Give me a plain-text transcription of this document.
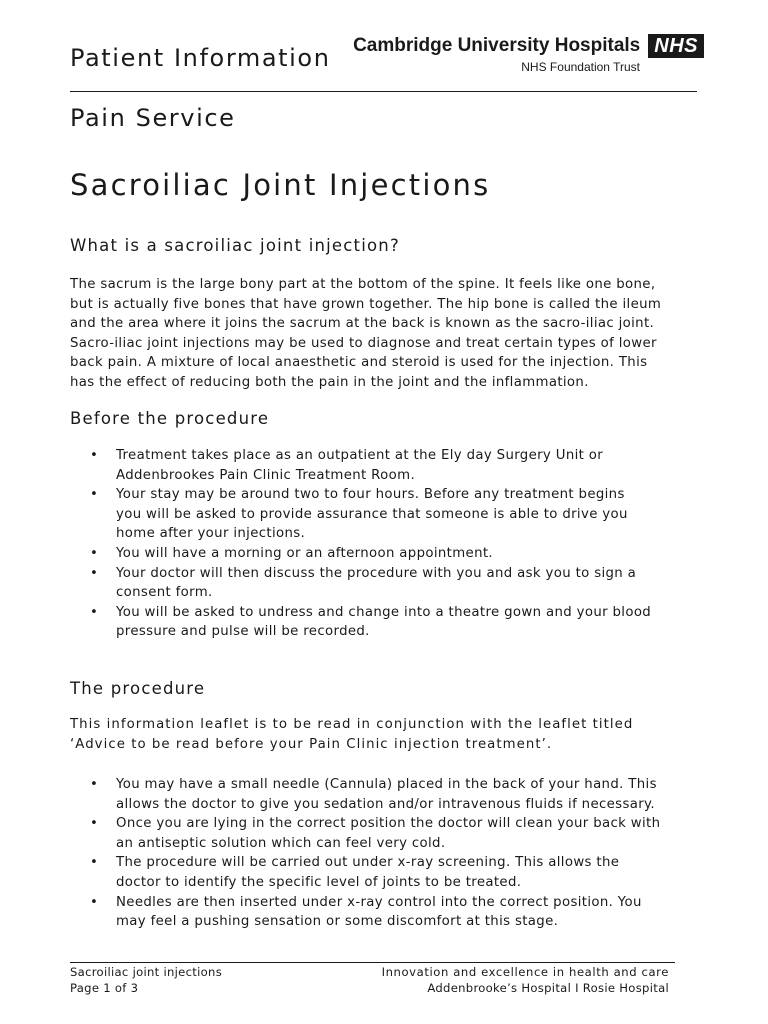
Patient Information Cambridge University Hospitals NHS
NHS Foundation Trust
Pain Service
Sacroiliac Joint Injections
What is a sacroiliac joint injection?

The sacrum is the large bony part at the bottom of the spine. It feels like one bone,
but is actually five bones that have grown together. The hip bone is called the ileum
and the area where it joins the sacrum at the back is known as the sacro-iliac joint.
Sacro-iliac joint injections may be used to diagnose and treat certain types of lower
back pain. A mixture of local anaesthetic and steroid is used for the injection. This
has the effect of reducing both the pain in the joint and the inflammation.

Before the procedure
• Treatment takes place as an outpatient at the Ely day Surgery Unit or
Addenbrookes Pain Clinic Treatment Room.
• Your stay may be around two to four hours. Before any treatment begins
you will be asked to provide assurance that someone is able to drive you
home after your injections.
• You will have a morning or an afternoon appointment.
• Your doctor will then discuss the procedure with you and ask you to sign a
consent form.
• You will be asked to undress and change into a theatre gown and your blood
pressure and pulse will be recorded.
The procedure

This information leaflet is to be read in conjunction with the leaflet titled
‘Advice to be read before your Pain Clinic injection treatment’.

• You may have a small needle (Cannula) placed in the back of your hand. This
allows the doctor to give you sedation and/or intravenous fluids if necessary.
• Once you are lying in the correct position the doctor will clean your back with
an antiseptic solution which can feel very cold.
• The procedure will be carried out under x-ray screening. This allows the
doctor to identify the specific level of joints to be treated.
• Needles are then inserted under x-ray control into the correct position. You
may feel a pushing sensation or some discomfort at this stage.
Sacroiliac joint injections
Page 1 of 3
Innovation and excellence in health and care
Addenbrooke’s Hospital I Rosie Hospital
